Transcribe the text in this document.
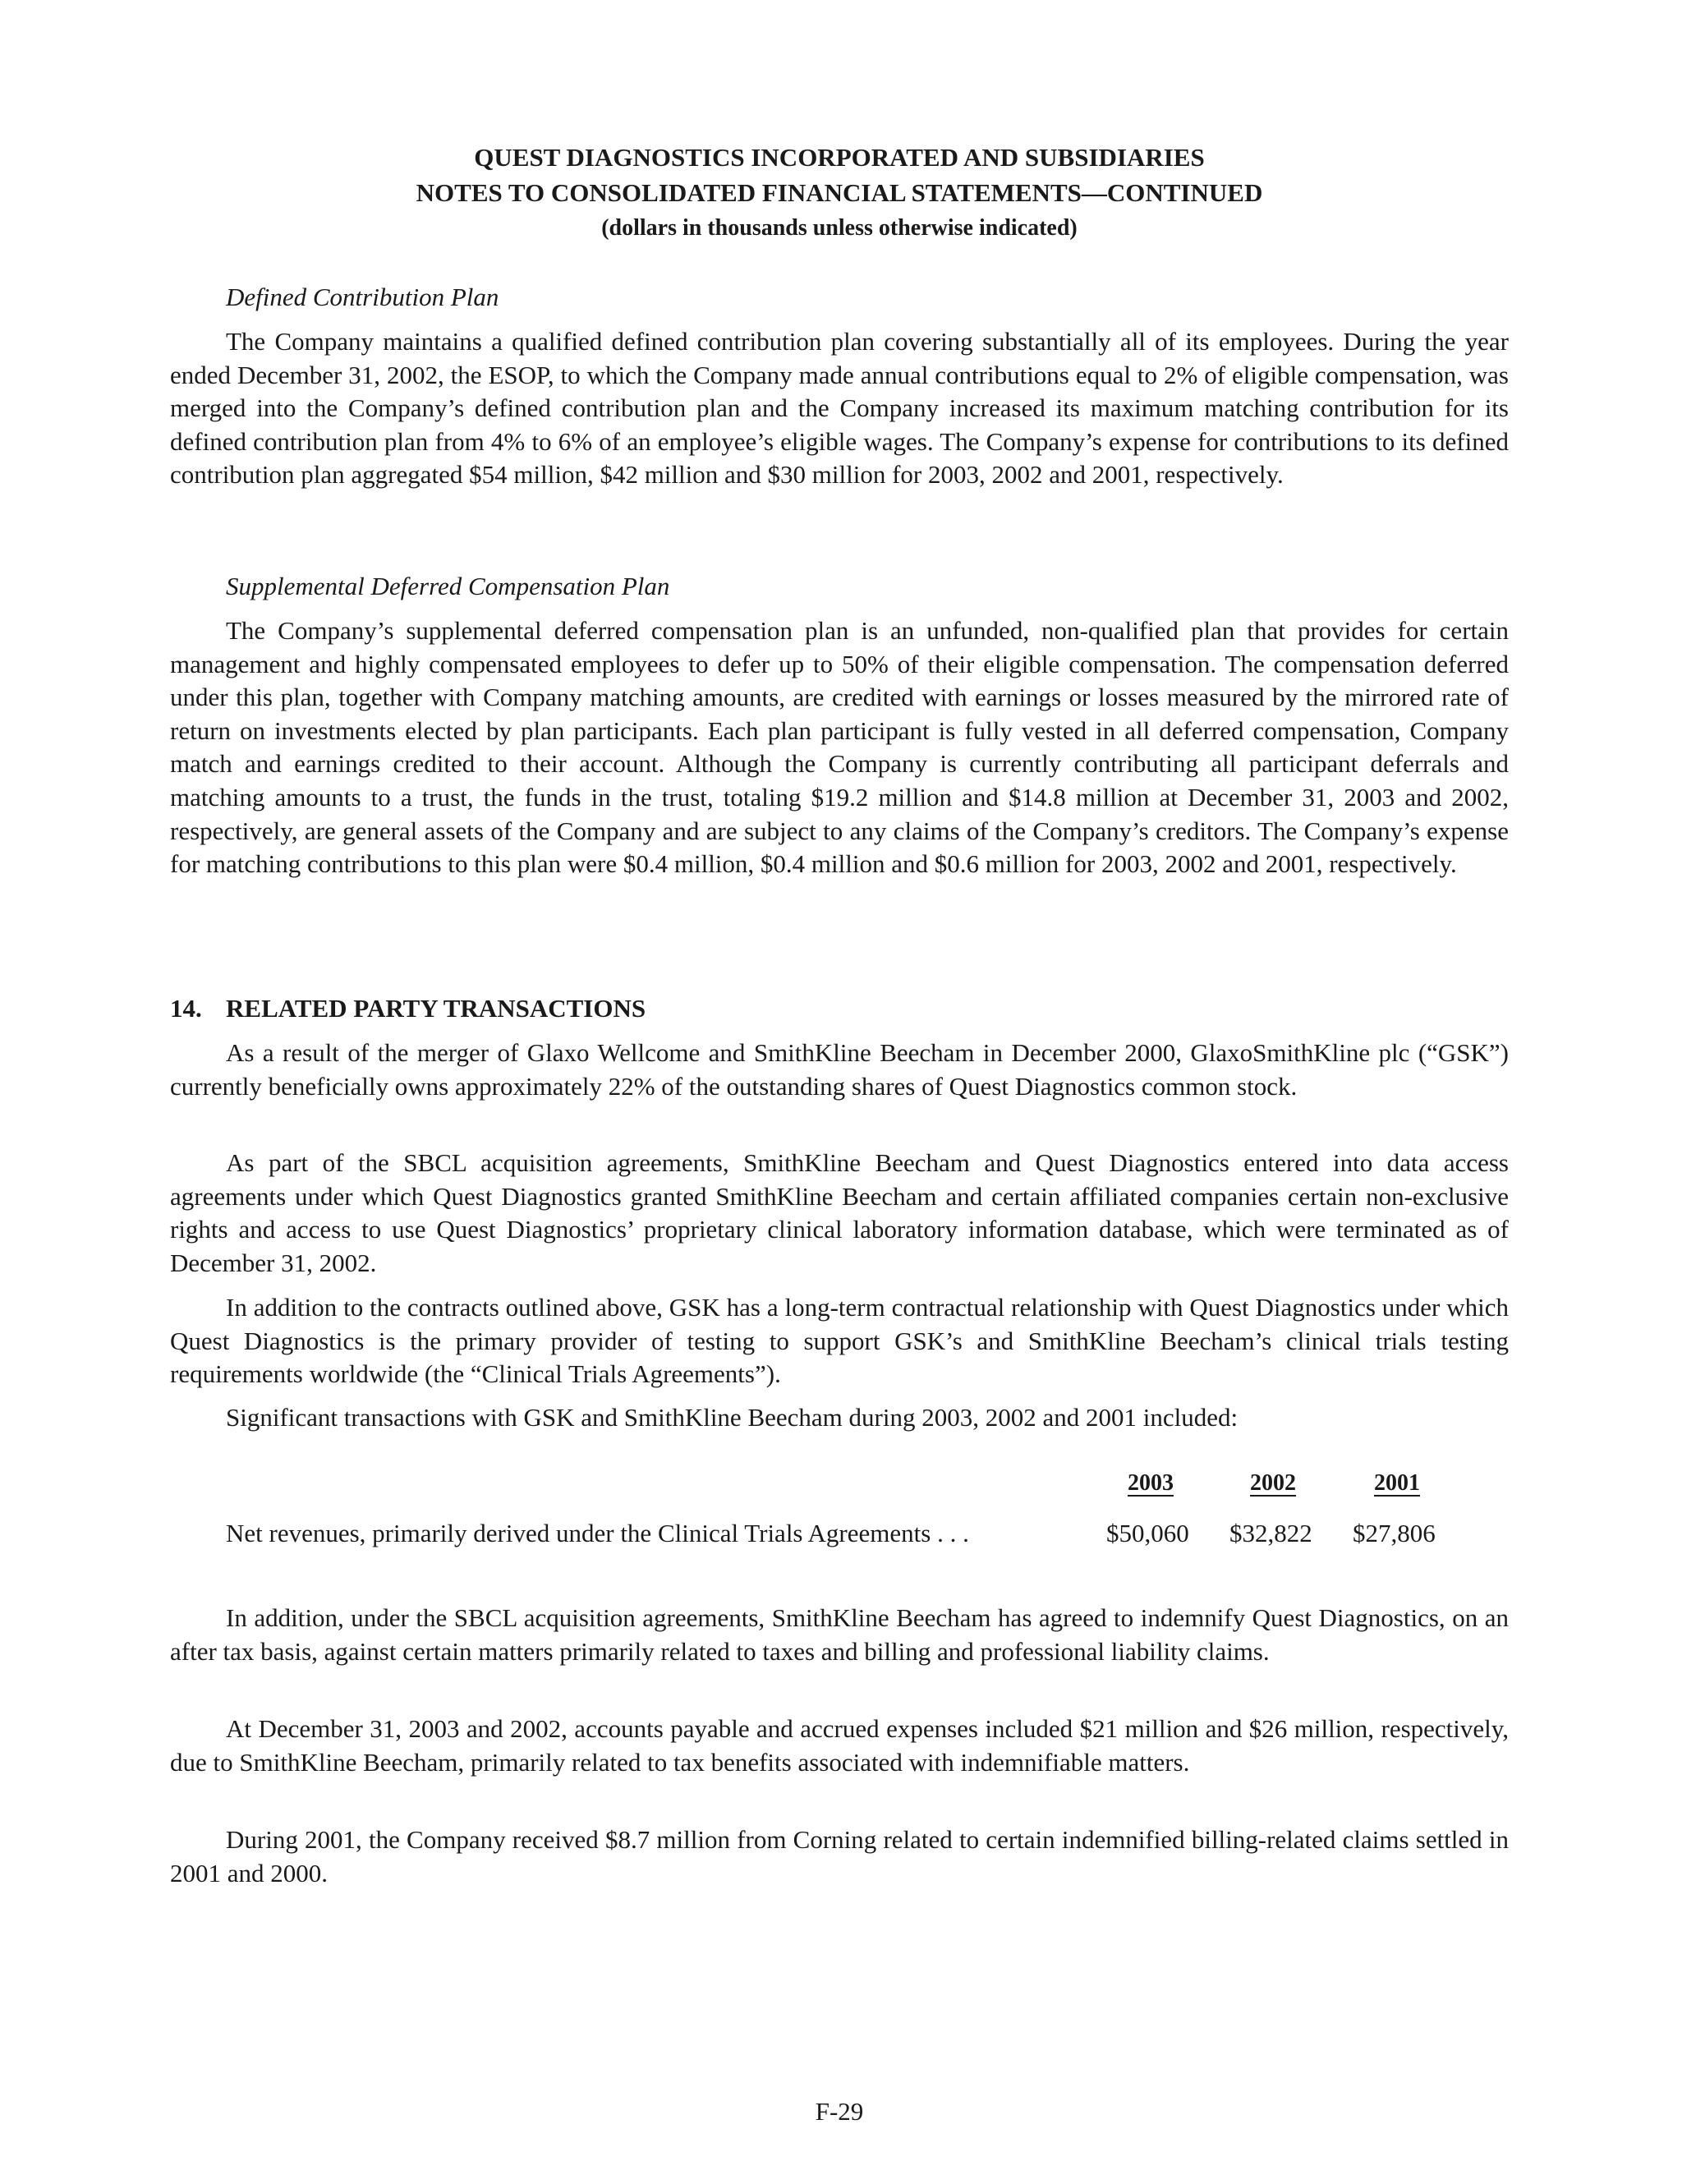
QUEST DIAGNOSTICS INCORPORATED AND SUBSIDIARIES
NOTES TO CONSOLIDATED FINANCIAL STATEMENTS—CONTINUED
(dollars in thousands unless otherwise indicated)
Defined Contribution Plan
The Company maintains a qualified defined contribution plan covering substantially all of its employees. During the year ended December 31, 2002, the ESOP, to which the Company made annual contributions equal to 2% of eligible compensation, was merged into the Company’s defined contribution plan and the Company increased its maximum matching contribution for its defined contribution plan from 4% to 6% of an employee’s eligible wages. The Company’s expense for contributions to its defined contribution plan aggregated $54 million, $42 million and $30 million for 2003, 2002 and 2001, respectively.
Supplemental Deferred Compensation Plan
The Company’s supplemental deferred compensation plan is an unfunded, non-qualified plan that provides for certain management and highly compensated employees to defer up to 50% of their eligible compensation. The compensation deferred under this plan, together with Company matching amounts, are credited with earnings or losses measured by the mirrored rate of return on investments elected by plan participants. Each plan participant is fully vested in all deferred compensation, Company match and earnings credited to their account. Although the Company is currently contributing all participant deferrals and matching amounts to a trust, the funds in the trust, totaling $19.2 million and $14.8 million at December 31, 2003 and 2002, respectively, are general assets of the Company and are subject to any claims of the Company’s creditors. The Company’s expense for matching contributions to this plan were $0.4 million, $0.4 million and $0.6 million for 2003, 2002 and 2001, respectively.
14. RELATED PARTY TRANSACTIONS
As a result of the merger of Glaxo Wellcome and SmithKline Beecham in December 2000, GlaxoSmithKline plc (“GSK”) currently beneficially owns approximately 22% of the outstanding shares of Quest Diagnostics common stock.
As part of the SBCL acquisition agreements, SmithKline Beecham and Quest Diagnostics entered into data access agreements under which Quest Diagnostics granted SmithKline Beecham and certain affiliated companies certain non-exclusive rights and access to use Quest Diagnostics’ proprietary clinical laboratory information database, which were terminated as of December 31, 2002.
In addition to the contracts outlined above, GSK has a long-term contractual relationship with Quest Diagnostics under which Quest Diagnostics is the primary provider of testing to support GSK’s and SmithKline Beecham’s clinical trials testing requirements worldwide (the “Clinical Trials Agreements”).
Significant transactions with GSK and SmithKline Beecham during 2003, 2002 and 2001 included:
2003	2002	2001
Net revenues, primarily derived under the Clinical Trials Agreements . . .	$50,060 $32,822 $27,806
In addition, under the SBCL acquisition agreements, SmithKline Beecham has agreed to indemnify Quest Diagnostics, on an after tax basis, against certain matters primarily related to taxes and billing and professional liability claims.
At December 31, 2003 and 2002, accounts payable and accrued expenses included $21 million and $26 million, respectively, due to SmithKline Beecham, primarily related to tax benefits associated with indemnifiable matters.
During 2001, the Company received $8.7 million from Corning related to certain indemnified billing-related claims settled in 2001 and 2000.
F-29
